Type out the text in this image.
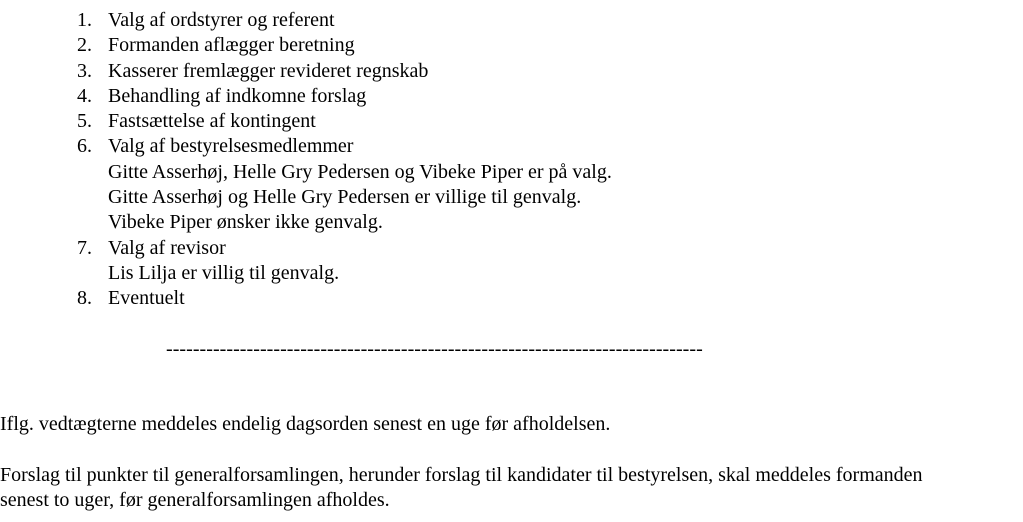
1. Valg af ordstyrer og referent
2. Formanden aflægger beretning
3. Kasserer fremlægger revideret regnskab
4. Behandling af indkomne forslag
5. Fastsættelse af kontingent
6. Valg af bestyrelsesmedlemmer
Gitte Asserhøj, Helle Gry Pedersen og Vibeke Piper er på valg.
Gitte Asserhøj og Helle Gry Pedersen er villige til genvalg.
Vibeke Piper ønsker ikke genvalg.
7. Valg af revisor
Lis Lilja er villig til genvalg.
8. Eventuelt
--------------------------------------------------------------------------------
Iflg. vedtægterne meddeles endelig dagsorden senest en uge før afholdelsen.
Forslag til punkter til generalforsamlingen, herunder forslag til kandidater til bestyrelsen, skal meddeles formanden
senest to uger, før generalforsamlingen afholdes.
